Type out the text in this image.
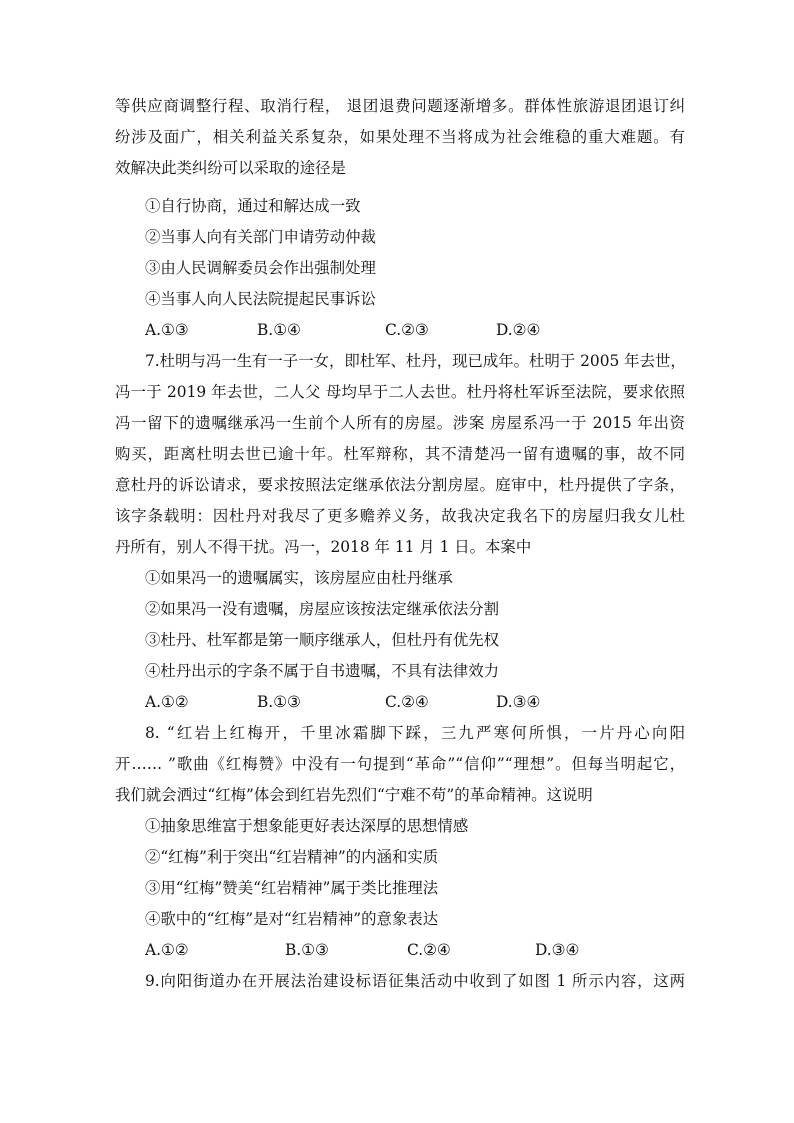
等供应商调整行程、取消行程， 退团退费问题逐渐增多。群体性旅游退团退订纠
纷涉及面广，相关利益关系复杂，如果处理不当将成为社会维稳的重大难题。有
效解决此类纠纷可以采取的途径是
①自行协商，通过和解达成一致
②当事人向有关部门申请劳动仲裁
③由人民调解委员会作出强制处理
④当事人向人民法院提起民事诉讼
A.①③	B.①④	C.②③	D.②④
7.杜明与冯一生有一子一女，即杜军、杜丹，现已成年。杜明于 2005 年去世，
冯一于 2019 年去世，二人父 母均早于二人去世。杜丹将杜军诉至法院，要求依照
冯一留下的遗嘱继承冯一生前个人所有的房屋。涉案 房屋系冯一于 2015 年出资
购买，距离杜明去世已逾十年。杜军辩称，其不清楚冯一留有遗嘱的事，故不同
意杜丹的诉讼请求，要求按照法定继承依法分割房屋。庭审中，杜丹提供了字条，
该字条载明：因杜丹对我尽了更多赡养义务，故我决定我名下的房屋归我女儿杜
丹所有，别人不得干扰。冯一，2018 年 11 月 1 日。本案中
①如果冯一的遗嘱属实，该房屋应由杜丹继承
②如果冯一没有遗嘱，房屋应该按法定继承依法分割
③杜丹、杜军都是第一顺序继承人，但杜丹有优先权
④杜丹出示的字条不属于自书遗嘱，不具有法律效力
A.①②	B.①③	C.②④	D.③④
8. “红岩上红梅开，千里冰霜脚下踩，三九严寒何所惧，一片丹心向阳
开…… ”歌曲《红梅赞》中没有一句提到“革命”“信仰”“理想”。但每当明起它，
我们就会洒过“红梅”体会到红岩先烈们“宁难不苟”的革命精神。这说明
①抽象思维富于想象能更好表达深厚的思想情感
②“红梅”利于突出“红岩精神”的内涵和实质
③用“红梅”赞美“红岩精神”属于类比推理法
④歌中的“红梅”是对“红岩精神”的意象表达
A.①②	B.①③	C.②④	D.③④
9.向阳街道办在开展法治建设标语征集活动中收到了如图 1 所示内容，这两
